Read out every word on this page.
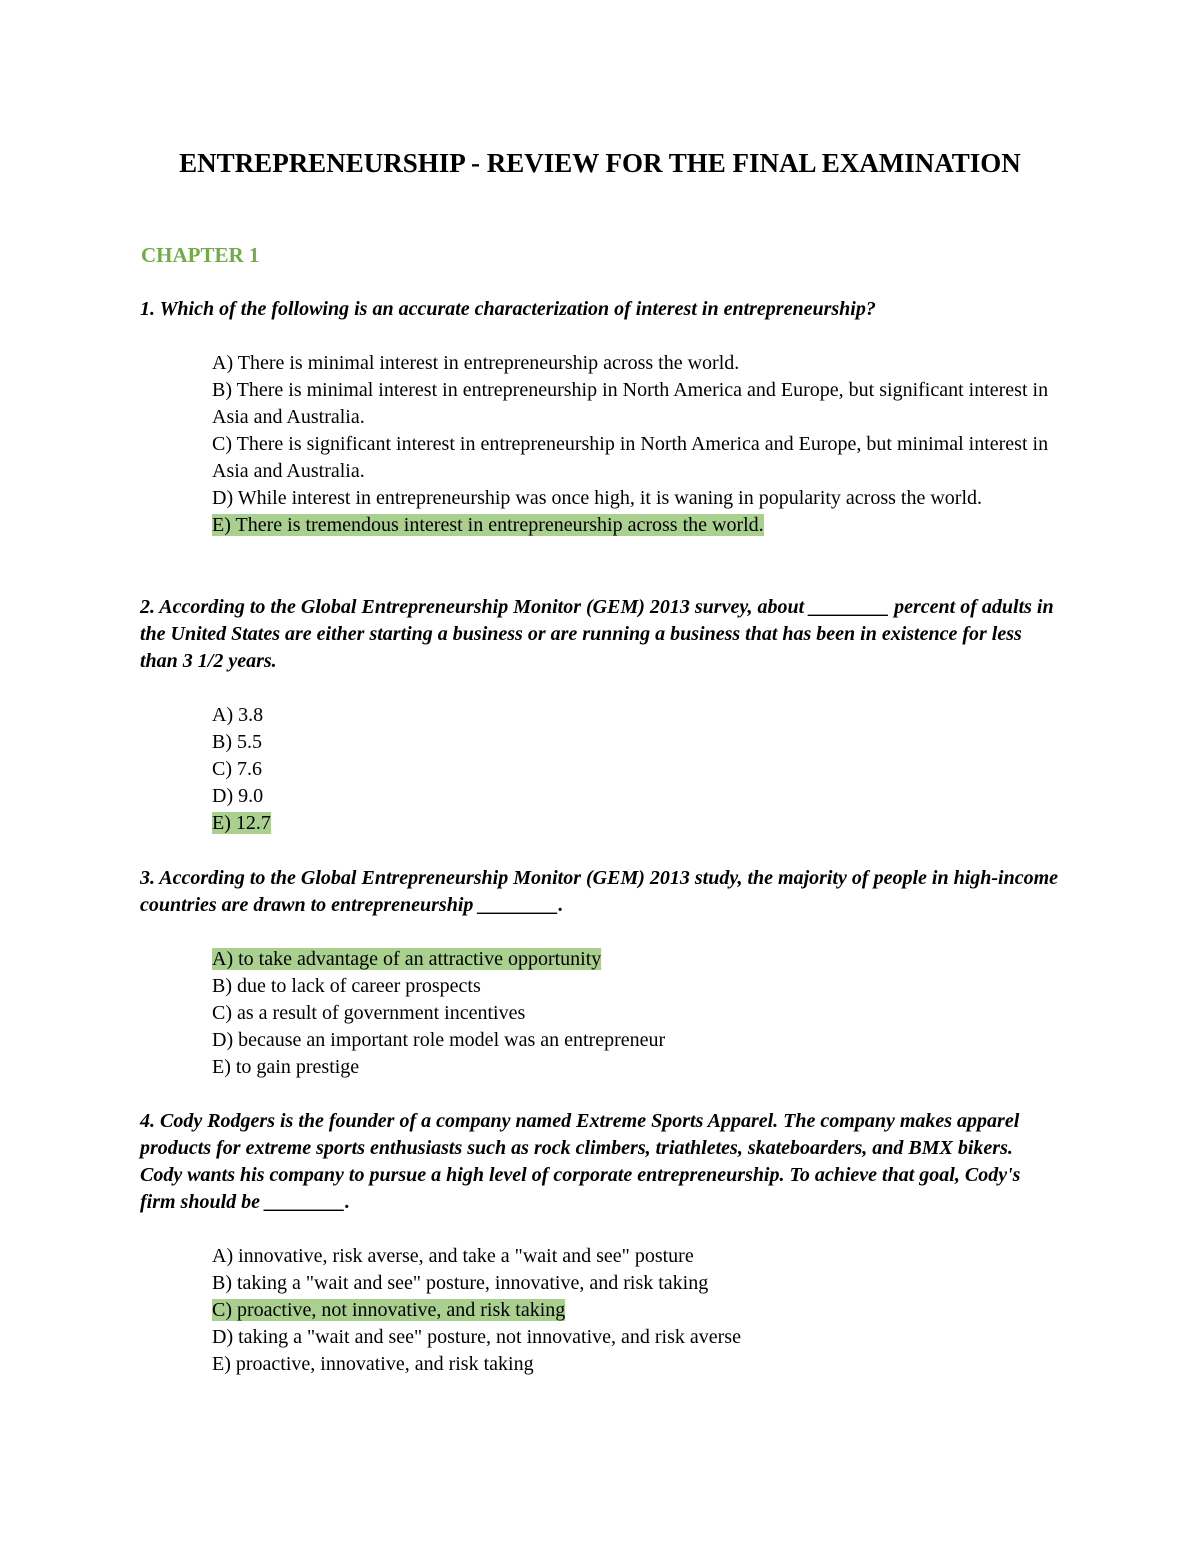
ENTREPRENEURSHIP - REVIEW FOR THE FINAL EXAMINATION
CHAPTER 1

1. Which of the following is an accurate characterization of interest in entrepreneurship?

A) There is minimal interest in entrepreneurship across the world.
B) There is minimal interest in entrepreneurship in North America and Europe, but significant interest in Asia and Australia.
C) There is significant interest in entrepreneurship in North America and Europe, but minimal interest in Asia and Australia.
D) While interest in entrepreneurship was once high, it is waning in popularity across the world.
E) There is tremendous interest in entrepreneurship across the world.

2. According to the Global Entrepreneurship Monitor (GEM) 2013 survey, about ________ percent of adults in the United States are either starting a business or are running a business that has been in existence for less than 3 1/2 years.

A) 3.8
B) 5.5
C) 7.6
D) 9.0
E) 12.7

3. According to the Global Entrepreneurship Monitor (GEM) 2013 study, the majority of people in high-income countries are drawn to entrepreneurship ________.

A) to take advantage of an attractive opportunity
B) due to lack of career prospects
C) as a result of government incentives
D) because an important role model was an entrepreneur
E) to gain prestige

4. Cody Rodgers is the founder of a company named Extreme Sports Apparel. The company makes apparel products for extreme sports enthusiasts such as rock climbers, triathletes, skateboarders, and BMX bikers. Cody wants his company to pursue a high level of corporate entrepreneurship. To achieve that goal, Cody's firm should be ________.

A) innovative, risk averse, and take a "wait and see" posture
B) taking a "wait and see" posture, innovative, and risk taking
C) proactive, not innovative, and risk taking
D) taking a "wait and see" posture, not innovative, and risk averse
E) proactive, innovative, and risk taking
